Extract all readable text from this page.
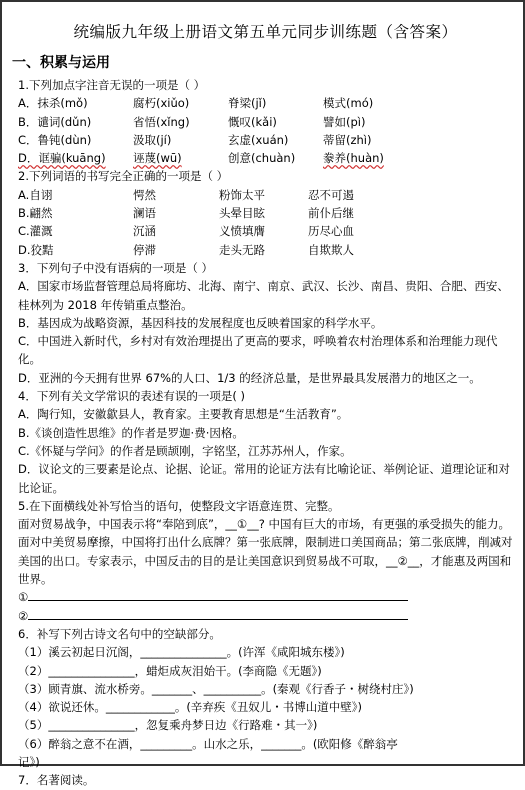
统编版九年级上册语文第五单元同步训练题（含答案）
一、积累与运用
1.下列加点字注音无误的一项是（ ）
A．抹杀(mǒ)	腐朽(xiǔo)	脊梁(jǐ)	模式(mó)
B．谴词(dǔn)	省悟(xǐng)	慨叹(kǎi)	譬如(pì)
C．鲁钝(dùn)	汲取(jí)	玄虚(xuán)	蒂留(zhì)
D．诓骗(kuāng) 诬蔑(wū)	创意(chuàn) 豢养(huàn)
2.下列词语的书写完全正确的一项是（ ）
A.自诩	愕然	粉饰太平	忍不可遏
B.翩然	澜语	头晕目眩	前仆后继
C.灌溉	沉涵	义愤填膺	历尽心血
D.狡黠	停滞	走头无路	自欺欺人
3．下列句子中没有语病的一项是（ ）
A．国家市场监督管理总局将廊坊、北海、南宁、南京、武汉、长沙、南昌、贵阳、合肥、西安、桂林列为 2018 年传销重点整治。
B．基因成为战略资源，基因科技的发展程度也反映着国家的科学水平。
C．中国进入新时代，乡村对有效治理提出了更高的要求，呼唤着农村治理体系和治理能力现代化。
D．亚洲的今天拥有世界 67%的人口、1/3 的经济总量，是世界最具发展潜力的地区之一。
4．下列有关文学常识的表述有误的一项是( )
A．陶行知，安徽歙县人，教育家。主要教育思想是“生活教育”。
B.《谈创造性思维》的作者是罗迦·费·因格。
C.《怀疑与学问》的作者是顾颉刚，字铭坚，江苏苏州人，作家。
D．议论文的三要素是论点、论据、论证。常用的论证方法有比喻论证、举例论证、道理论证和对比论证。
5.在下面横线处补写恰当的语句，使整段文字语意连贯、完整。
面对贸易战争，中国表示将“奉陪到底”，__①__? 中国有巨大的市场，有更强的承受损失的能力。面对中美贸易摩擦，中国将打出什么底牌？第一张底牌，限制进口美国商品；第二张底牌，削减对美国的出口。专家表示，中国反击的目的是让美国意识到贸易战不可取，__②__，才能惠及两国和世界。
①
②
6．补写下列古诗文名句中的空缺部分。
（1）溪云初起日沉阁，_______________。(许浑《咸阳城东楼》)
（2）_______________，蜡炬成灰泪始干。(李商隐《无题》)
（3）顾青旗、流水桥旁。_______、__________。(秦观《行香子・树绕村庄》)
（4）欲说还休。____________。(辛弃疾《丑奴儿・书博山道中壁》)
（5）_______________，忽复乘舟梦日边《行路难・其一》)
（6）醉翁之意不在酒，_________。山水之乐，_______。(欧阳修《醉翁亭
记》)
7．名著阅读。
